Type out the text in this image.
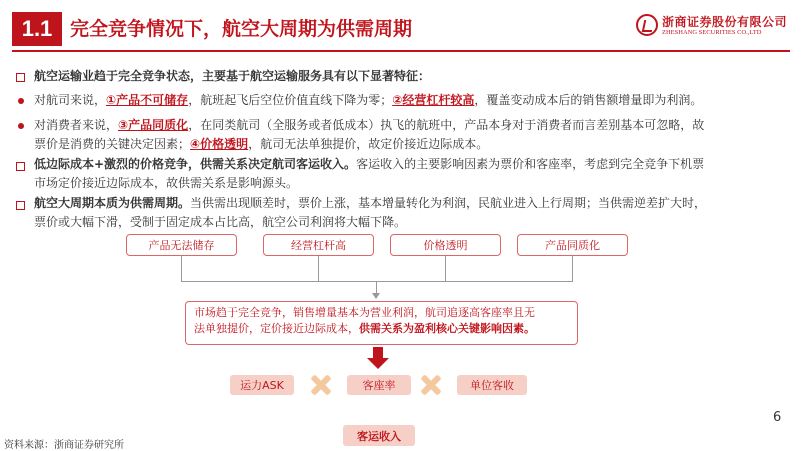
1.1 完全竞争情况下，航空大周期为供需周期	浙商证券股份有限公司
ZHESHANG SECURITIES CO.,LTD
航空运输业趋于完全竞争状态，主要基于航空运输服务具有以下显著特征：
对航司来说，①产品不可储存，航班起飞后空位价值直线下降为零；②经营杠杆较高，覆盖变动成本后的销售额增量即为利润。
对消费者来说，③产品同质化，在同类航司（全服务或者低成本）执飞的航班中，产品本身对于消费者而言差别基本可忽略，故
票价是消费的关键决定因素；④价格透明，航司无法单独提价，故定价接近边际成本。
低边际成本+激烈的价格竞争，供需关系决定航司客运收入。客运收入的主要影响因素为票价和客座率，考虑到完全竞争下机票
市场定价接近边际成本，故供需关系是影响源头。
航空大周期本质为供需周期。当供需出现顺差时，票价上涨，基本增量转化为利润，民航业进入上行周期；当供需逆差扩大时，
票价或大幅下滑，受制于固定成本占比高，航空公司利润将大幅下降。
产品无法储存	经营杠杆高	价格透明	产品同质化
市场趋于完全竞争，销售增量基本为营业利润，航司追逐高客座率且无
法单独提价，定价接近边际成本，供需关系为盈利核心关键影响因素。
运力ASK	客座率	单位客收
客运收入
6
资料来源：浙商证券研究所
